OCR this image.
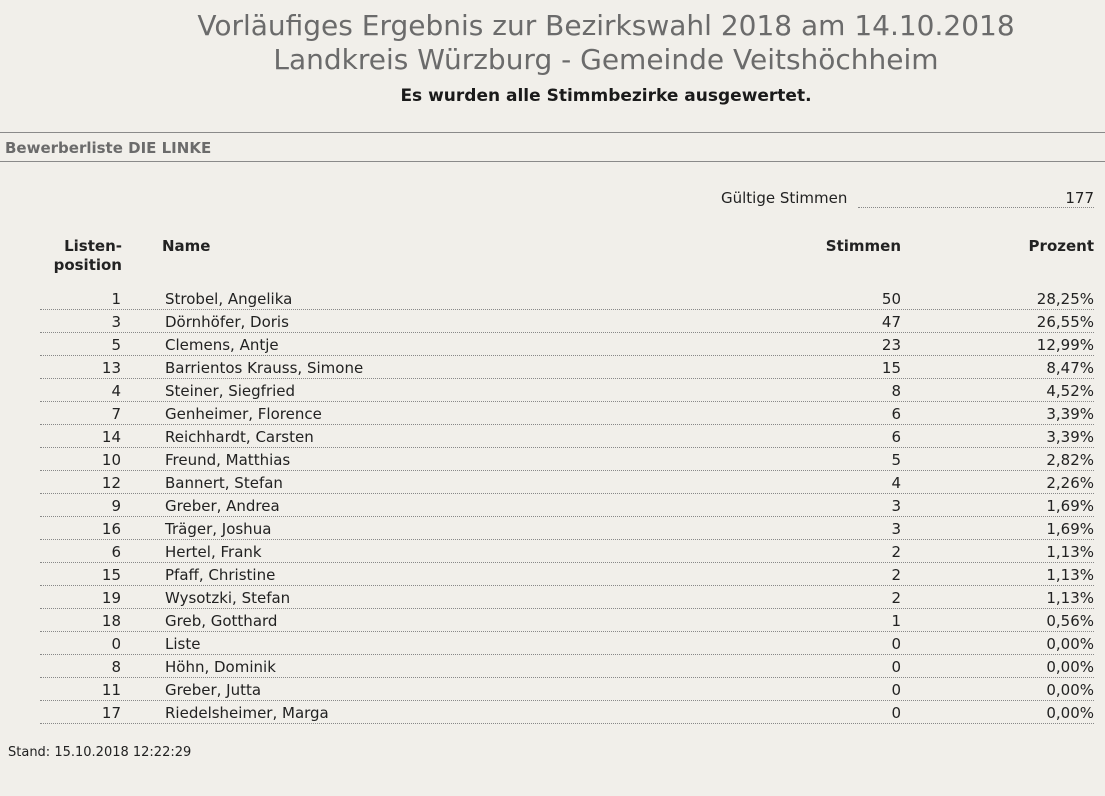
Vorläufiges Ergebnis zur Bezirkswahl 2018 am 14.10.2018
Landkreis Würzburg - Gemeinde Veitshöchheim
Es wurden alle Stimmbezirke ausgewertet.
Bewerberliste DIE LINKE
Gültige Stimmen	177
Listen-
position
Name	Stimmen	Prozent
1	Strobel, Angelika	50	28,25%
3	Dörnhöfer, Doris	47	26,55%
5	Clemens, Antje	23	12,99%
13	Barrientos Krauss, Simone	15	8,47%
4	Steiner, Siegfried	8	4,52%
7	Genheimer, Florence	6	3,39%
14	Reichhardt, Carsten	6	3,39%
10	Freund, Matthias	5	2,82%
12	Bannert, Stefan	4	2,26%
9	Greber, Andrea	3	1,69%
16	Träger, Joshua	3	1,69%
6	Hertel, Frank	2	1,13%
15	Pfaff, Christine	2	1,13%
19	Wysotzki, Stefan	2	1,13%
18	Greb, Gotthard	1	0,56%
0	Liste	0	0,00%
8	Höhn, Dominik	0	0,00%
11	Greber, Jutta	0	0,00%
17	Riedelsheimer, Marga	0	0,00%
Stand: 15.10.2018 12:22:29
